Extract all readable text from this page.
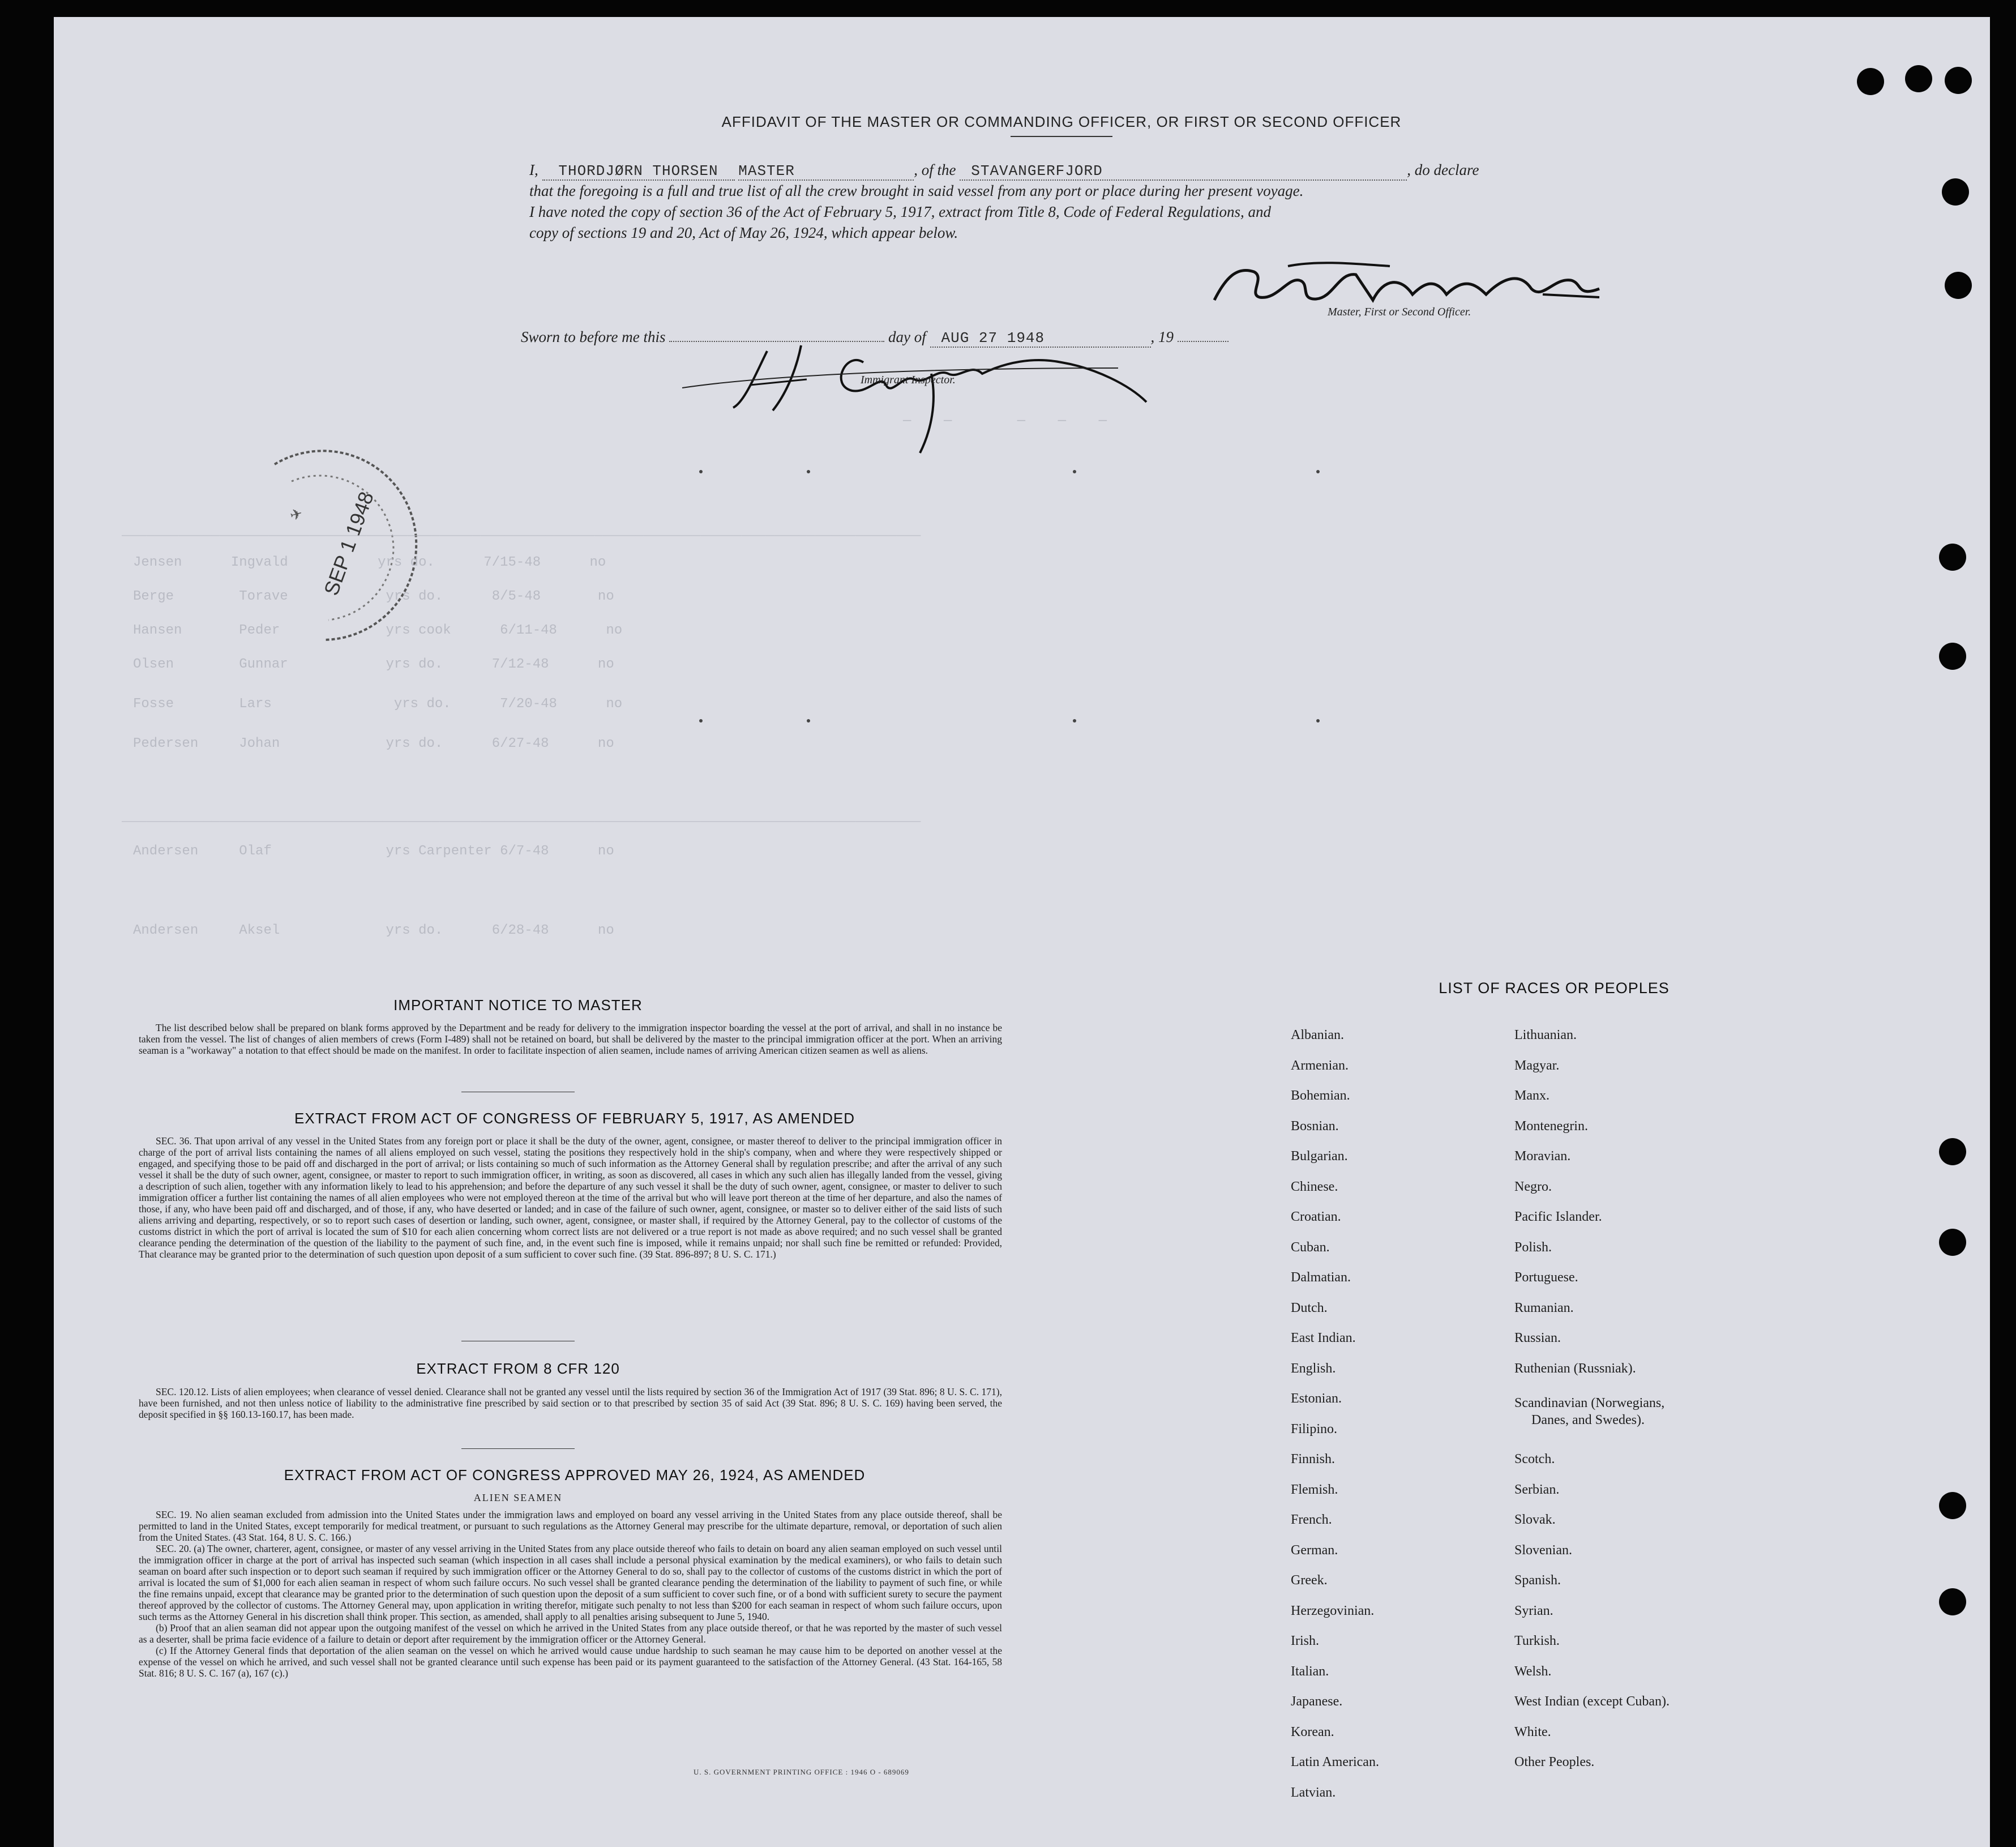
AFFIDAVIT OF THE MASTER OR COMMANDING OFFICER, OR FIRST OR SECOND OFFICER
I, THORDJØRN THORSEN MASTER	, of the STAVANGERFJORD	, do declare
that the foregoing is a full and true list of all the crew brought in said vessel from any port or place during her present voyage.
I have noted the copy of section 36 of the Act of February 5, 1917, extract from Title 8, Code of Federal Regulations, and
copy of sections 19 and 20, Act of May 26, 1924, which appear below.
Master, First or Second Officer.
Sworn to before me this	day of AUG 27 1948	, 19
Immigrant Inspector.
✈ SEP 1 1948
—    —        —    —    —
__________________________________________________________________________________________________
__________________________________________________________________________________________________
Jensen      Ingvald           yrs do.      7/15-48      no
Berge        Torave            yrs do.      8/5-48       no
Hansen       Peder             yrs cook      6/11-48      no
Olsen        Gunnar            yrs do.      7/12-48      no
Fosse        Lars               yrs do.      7/20-48      no
Pedersen     Johan             yrs do.      6/27-48      no
Andersen     Olaf              yrs Carpenter 6/7-48      no
Andersen     Aksel             yrs do.      6/28-48      no
IMPORTANT NOTICE TO MASTER

The list described below shall be prepared on blank forms approved by the Department and be ready for delivery to the immigration inspector boarding the vessel at the port of arrival, and shall in no instance be taken from the vessel. The list of changes of alien members of crews (Form I-489) shall not be retained on board, but shall be delivered by the master to the principal immigration officer at the port. When an arriving seaman is a "workaway" a notation to that effect should be made on the manifest. In order to facilitate inspection of alien seamen, include names of arriving American citizen seamen as well as aliens.

EXTRACT FROM ACT OF CONGRESS OF FEBRUARY 5, 1917, AS AMENDED

SEC. 36. That upon arrival of any vessel in the United States from any foreign port or place it shall be the duty of the owner, agent, consignee, or master thereof to deliver to the principal immigration officer in charge of the port of arrival lists containing the names of all aliens employed on such vessel, stating the positions they respectively hold in the ship's company, when and where they were respectively shipped or engaged, and specifying those to be paid off and discharged in the port of arrival; or lists containing so much of such information as the Attorney General shall by regulation prescribe; and after the arrival of any such vessel it shall be the duty of such owner, agent, consignee, or master to report to such immigration officer, in writing, as soon as discovered, all cases in which any such alien has illegally landed from the vessel, giving a description of such alien, together with any information likely to lead to his apprehension; and before the departure of any such vessel it shall be the duty of such owner, agent, consignee, or master to deliver to such immigration officer a further list containing the names of all alien employees who were not employed thereon at the time of the arrival but who will leave port thereon at the time of her departure, and also the names of those, if any, who have been paid off and discharged, and of those, if any, who have deserted or landed; and in case of the failure of such owner, agent, consignee, or master so to deliver either of the said lists of such aliens arriving and departing, respectively, or so to report such cases of desertion or landing, such owner, agent, consignee, or master shall, if required by the Attorney General, pay to the collector of customs of the customs district in which the port of arrival is located the sum of $10 for each alien concerning whom correct lists are not delivered or a true report is not made as above required; and no such vessel shall be granted clearance pending the determination of the question of the liability to the payment of such fine, and, in the event such fine is imposed, while it remains unpaid; nor shall such fine be remitted or refunded: Provided, That clearance may be granted prior to the determination of such question upon deposit of a sum sufficient to cover such fine. (39 Stat. 896-897; 8 U. S. C. 171.)

EXTRACT FROM 8 CFR 120

SEC. 120.12. Lists of alien employees; when clearance of vessel denied. Clearance shall not be granted any vessel until the lists required by section 36 of the Immigration Act of 1917 (39 Stat. 896; 8 U. S. C. 171), have been furnished, and not then unless notice of liability to the administrative fine prescribed by said section or to that prescribed by section 35 of said Act (39 Stat. 896; 8 U. S. C. 169) having been served, the deposit specified in §§ 160.13-160.17, has been made.

EXTRACT FROM ACT OF CONGRESS APPROVED MAY 26, 1924, AS AMENDED
ALIEN SEAMEN

SEC. 19. No alien seaman excluded from admission into the United States under the immigration laws and employed on board any vessel arriving in the United States from any place outside thereof, shall be permitted to land in the United States, except temporarily for medical treatment, or pursuant to such regulations as the Attorney General may prescribe for the ultimate departure, removal, or deportation of such alien from the United States. (43 Stat. 164, 8 U. S. C. 166.)

SEC. 20. (a) The owner, charterer, agent, consignee, or master of any vessel arriving in the United States from any place outside thereof who fails to detain on board any alien seaman employed on such vessel until the immigration officer in charge at the port of arrival has inspected such seaman (which inspection in all cases shall include a personal physical examination by the medical examiners), or who fails to detain such seaman on board after such inspection or to deport such seaman if required by such immigration officer or the Attorney General to do so, shall pay to the collector of customs of the customs district in which the port of arrival is located the sum of $1,000 for each alien seaman in respect of whom such failure occurs. No such vessel shall be granted clearance pending the determination of the liability to payment of such fine, or while the fine remains unpaid, except that clearance may be granted prior to the determination of such question upon the deposit of a sum sufficient to cover such fine, or of a bond with sufficient surety to secure the payment thereof approved by the collector of customs. The Attorney General may, upon application in writing therefor, mitigate such penalty to not less than $200 for each seaman in respect of whom such failure occurs, upon such terms as the Attorney General in his discretion shall think proper. This section, as amended, shall apply to all penalties arising subsequent to June 5, 1940.

(b) Proof that an alien seaman did not appear upon the outgoing manifest of the vessel on which he arrived in the United States from any place outside thereof, or that he was reported by the master of such vessel as a deserter, shall be prima facie evidence of a failure to detain or deport after requirement by the immigration officer or the Attorney General.

(c) If the Attorney General finds that deportation of the alien seaman on the vessel on which he arrived would cause undue hardship to such seaman he may cause him to be deported on another vessel at the expense of the vessel on which he arrived, and such vessel shall not be granted clearance until such expense has been paid or its payment guaranteed to the satisfaction of the Attorney General. (43 Stat. 164-165, 58 Stat. 816; 8 U. S. C. 167 (a), 167 (c).)

U. S. GOVERNMENT PRINTING OFFICE : 1946 O - 689069
LIST OF RACES OR PEOPLES
Albanian.
Armenian.
Bohemian.
Bosnian.
Bulgarian.
Chinese.
Croatian.
Cuban.
Dalmatian.
Dutch.
East Indian.
English.
Estonian.
Filipino.
Finnish.
Flemish.
French.
German.
Greek.
Herzegovinian.
Irish.
Italian.
Japanese.
Korean.
Latin American.
Latvian.
Lithuanian.
Magyar.
Manx.
Montenegrin.
Moravian.
Negro.
Pacific Islander.
Polish.
Portuguese.
Rumanian.
Russian.
Ruthenian (Russniak).
Scandinavian (Norwegians,
Danes, and Swedes).
Scotch.
Serbian.
Slovak.
Slovenian.
Spanish.
Syrian.
Turkish.
Welsh.
West Indian (except Cuban).
White.
Other Peoples.
